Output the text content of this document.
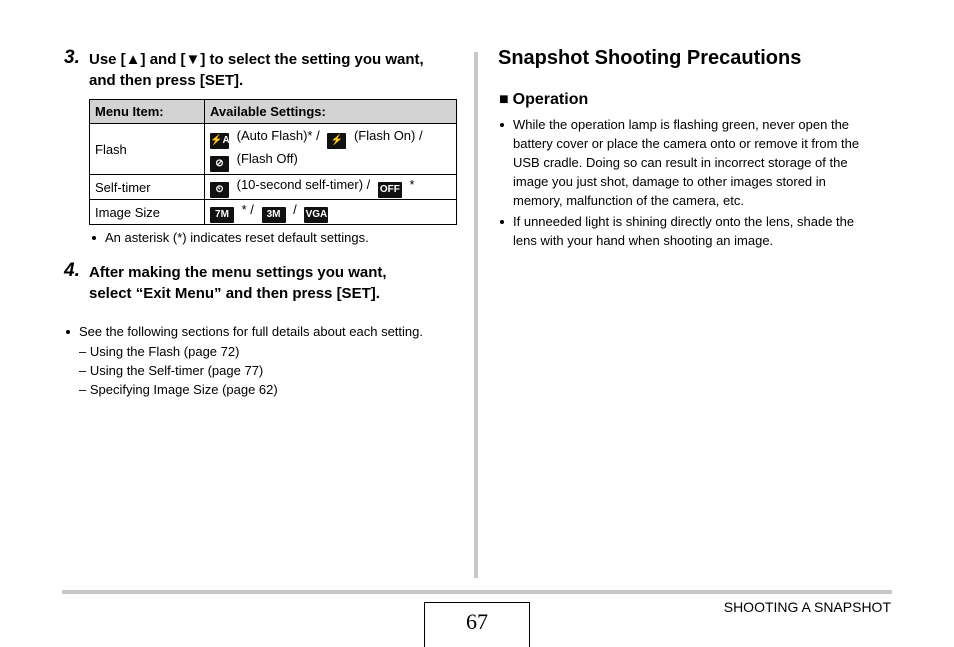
3. Use [▲] and [▼] to select the setting you want,
and then press [SET].
Menu Item:	Available Settings:
Flash	⚡A (Auto Flash)* / ⚡ (Flash On) /
⊘ (Flash Off)
Self-timer	⏲ (10-second self-timer) / OFF *
Image Size	7M * / 3M / VGA
An asterisk (*) indicates reset default settings.
4. After making the menu settings you want,
select “Exit Menu” and then press [SET].
See the following sections for full details about each setting.
– Using the Flash (page 72)
– Using the Self-timer (page 77)
– Specifying Image Size (page 62)
Snapshot Shooting Precautions
■ Operation
While the operation lamp is flashing green, never open the
battery cover or place the camera onto or remove it from the
USB cradle. Doing so can result in incorrect storage of the
image you just shot, damage to other images stored in
memory, malfunction of the camera, etc.
If unneeded light is shining directly onto the lens, shade the
lens with your hand when shooting an image.
67
SHOOTING A SNAPSHOT
